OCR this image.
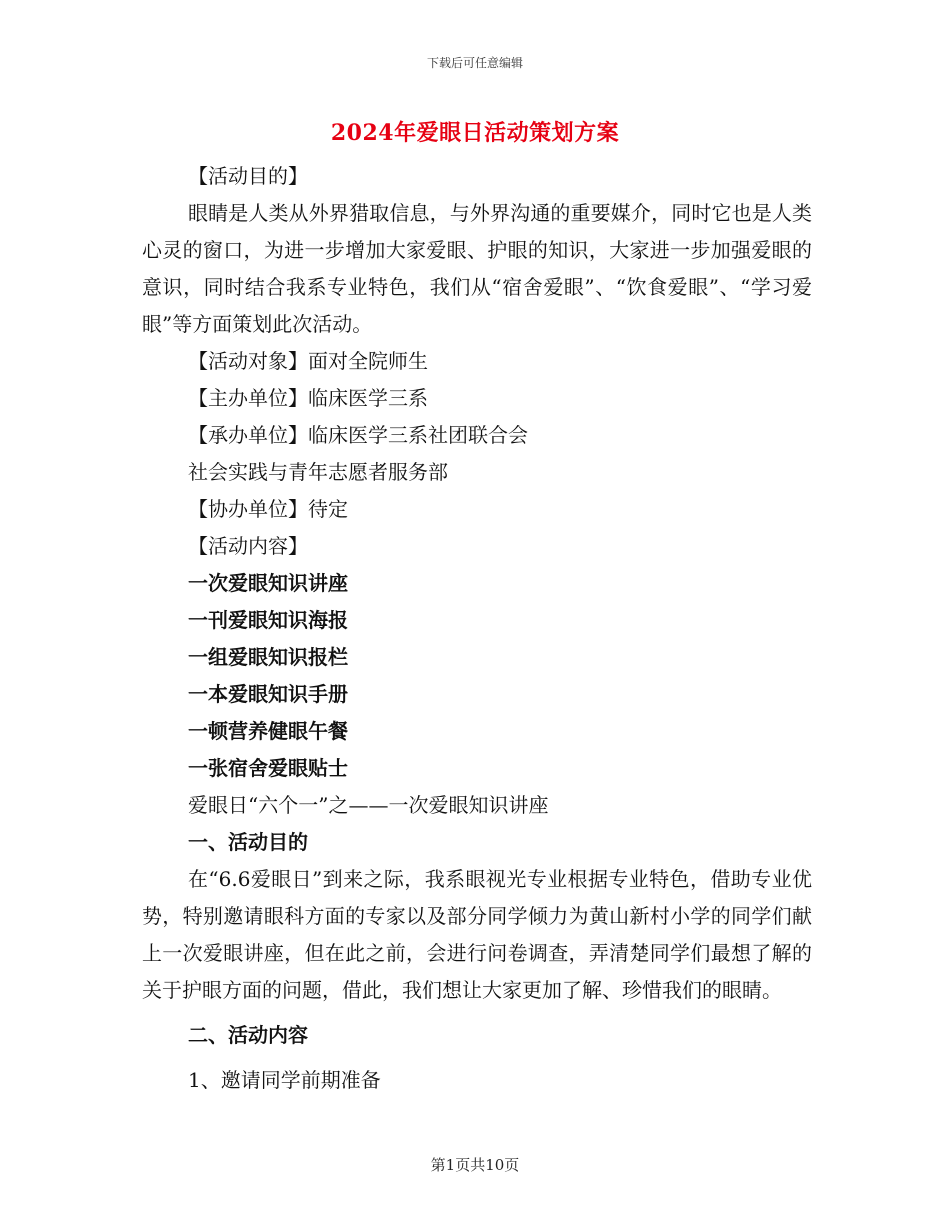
下载后可任意编辑
2024年爱眼日活动策划方案

【活动目的】

眼睛是人类从外界猎取信息，与外界沟通的重要媒介，同时它也是人类心灵的窗口，为进一步增加大家爱眼、护眼的知识，大家进一步加强爱眼的意识，同时结合我系专业特色，我们从“宿舍爱眼”、“饮食爱眼”、“学习爱眼”等方面策划此次活动。

【活动对象】面对全院师生

【主办单位】临床医学三系

【承办单位】临床医学三系社团联合会

社会实践与青年志愿者服务部

【协办单位】待定

【活动内容】

一次爱眼知识讲座

一刊爱眼知识海报

一组爱眼知识报栏

一本爱眼知识手册

一顿营养健眼午餐

一张宿舍爱眼贴士

爱眼日“六个一”之——一次爱眼知识讲座

一、活动目的

在“6.6爱眼日”到来之际，我系眼视光专业根据专业特色，借助专业优势，特别邀请眼科方面的专家以及部分同学倾力为黄山新村小学的同学们献上一次爱眼讲座，但在此之前，会进行问卷调查，弄清楚同学们最想了解的关于护眼方面的问题，借此，我们想让大家更加了解、珍惜我们的眼睛。

二、活动内容

1、邀请同学前期准备

第1页共10页
